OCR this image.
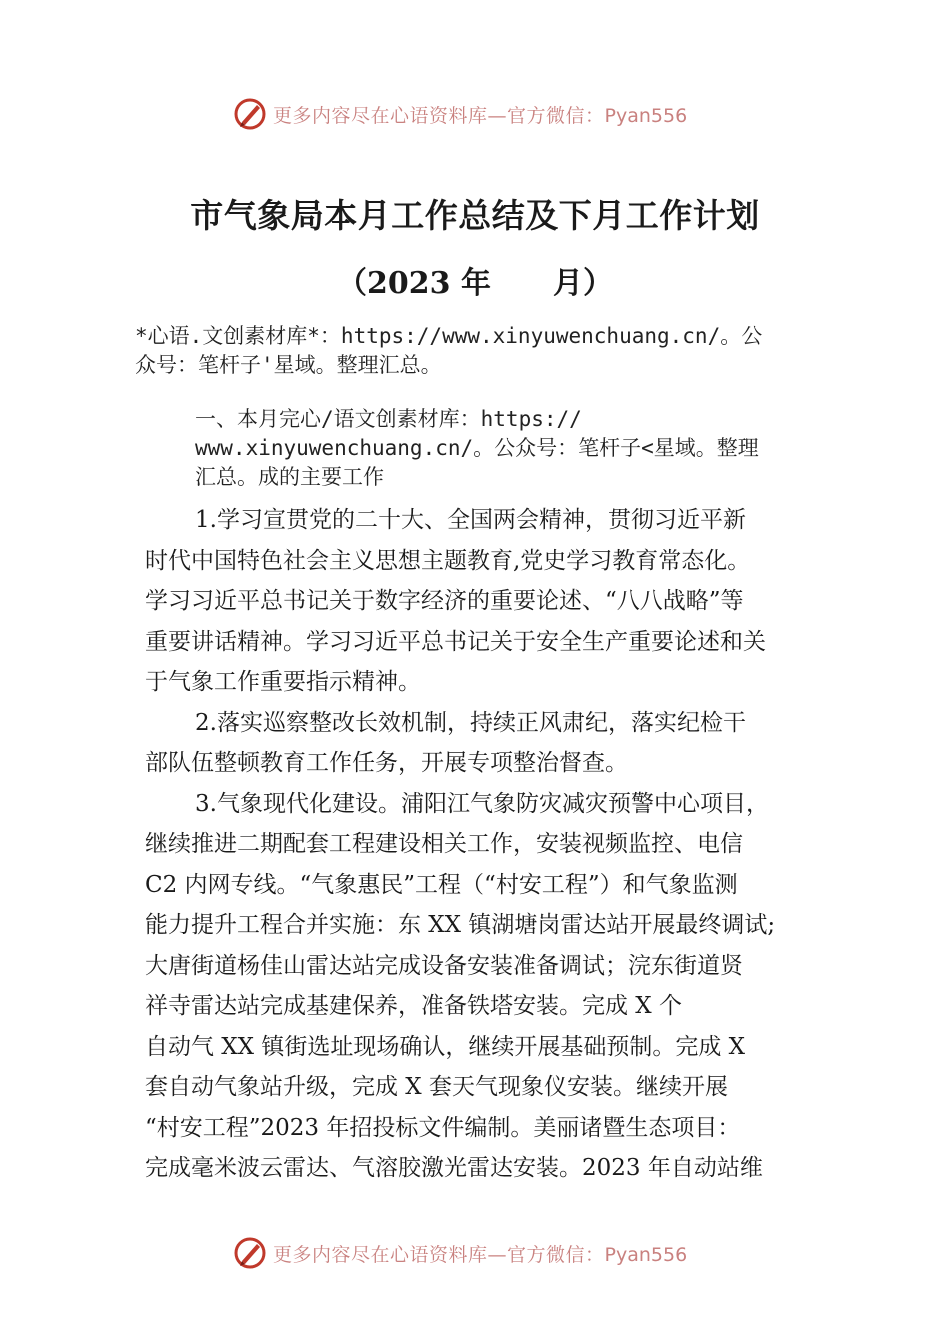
更多内容尽在心语资料库—官方微信：Pyan556
市气象局本月工作总结及下月工作计划
（2023 年 月）
*心语.文创素材库*：https://www.xinyuwenchuang.cn/。公
众号：笔杆子'星域。整理汇总。
一、本月完心/语文创素材库：https://
www.xinyuwenchuang.cn/。公众号：笔杆子<星域。整理
汇总。成的主要工作

1.学习宣贯党的二十大、全国两会精神，贯彻习近平新
时代中国特色社会主义思想主题教育,党史学习教育常态化。
学习习近平总书记关于数字经济的重要论述、“八八战略”等
重要讲话精神。学习习近平总书记关于安全生产重要论述和关
于气象工作重要指示精神。

2.落实巡察整改长效机制，持续正风肃纪，落实纪检干
部队伍整顿教育工作任务，开展专项整治督查。

3.气象现代化建设。浦阳江气象防灾减灾预警中心项目，
继续推进二期配套工程建设相关工作，安装视频监控、电信
C2 内网专线。“气象惠民”工程（“村安工程”）和气象监测
能力提升工程合并实施：东 XX 镇湖塘岗雷达站开展最终调试;
大唐街道杨佳山雷达站完成设备安装准备调试；浣东街道贤
祥寺雷达站完成基建保养，准备铁塔安装。完成 X 个
自动气 XX 镇街选址现场确认，继续开展基础预制。完成 X
套自动气象站升级，完成 X 套天气现象仪安装。继续开展
“村安工程”2023 年招投标文件编制。美丽诸暨生态项目：
完成毫米波云雷达、气溶胶激光雷达安装。2023 年自动站维

更多内容尽在心语资料库—官方微信：Pyan556
